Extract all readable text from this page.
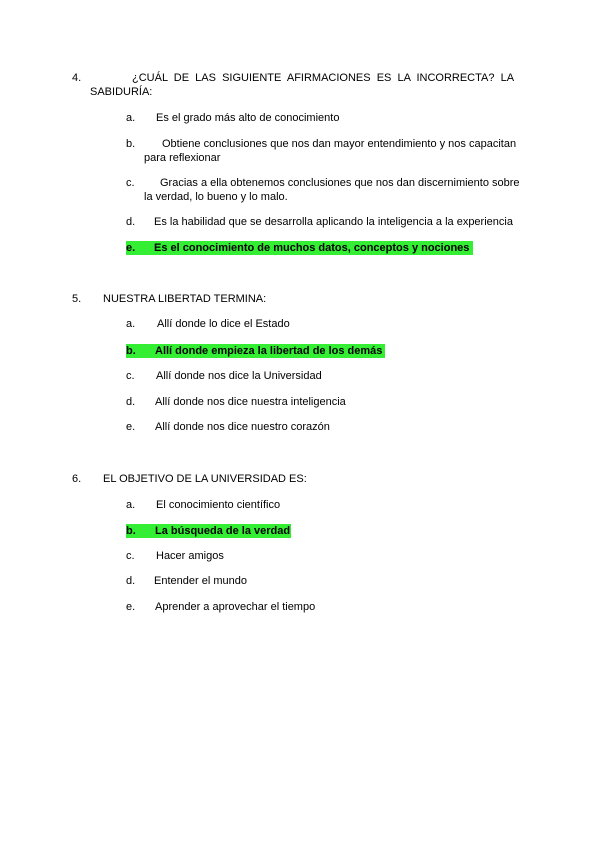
4.	¿CUÁL  DE  LAS  SIGUIENTE  AFIRMACIONES  ES  LA  INCORRECTA?  LA
SABIDURÍA:
a. Es el grado más alto de conocimiento
b. Obtiene conclusiones que nos dan mayor entendimiento y nos capacitan
para reflexionar
c. Gracias a ella obtenemos conclusiones que nos dan discernimiento sobre
la verdad, lo bueno y lo malo.
d. Es la habilidad que se desarrolla aplicando la inteligencia a la experiencia
e. Es el conocimiento de muchos datos, conceptos y nociones
5. NUESTRA LIBERTAD TERMINA:
a. Allí donde lo dice el Estado
b. Allí donde empieza la libertad de los demás
c. Allí donde nos dice la Universidad
d. Allí donde nos dice nuestra inteligencia
e. Allí donde nos dice nuestro corazón
6. EL OBJETIVO DE LA UNIVERSIDAD ES:
a. El conocimiento científico
b. La búsqueda de la verdad
c. Hacer amigos
d. Entender el mundo
e. Aprender a aprovechar el tiempo
